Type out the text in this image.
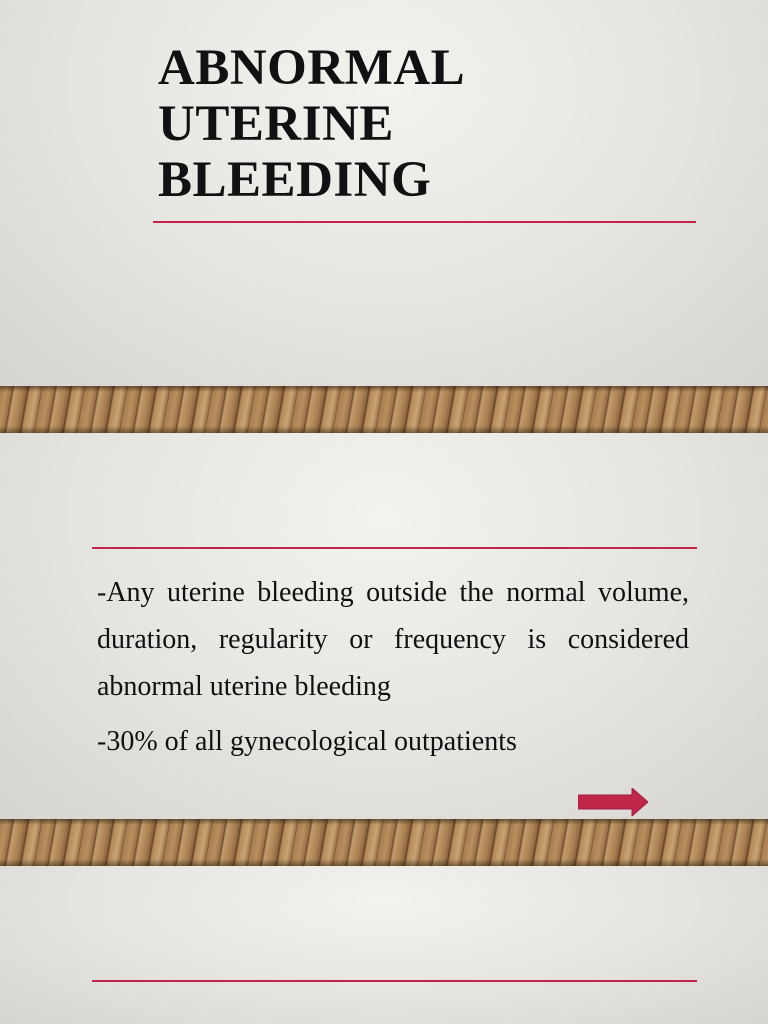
ABNORMAL
UTERINE
BLEEDING

-Any uterine bleeding outside the normal volume, duration, regularity or frequency is considered abnormal uterine bleeding

-30% of all gynecological outpatients
